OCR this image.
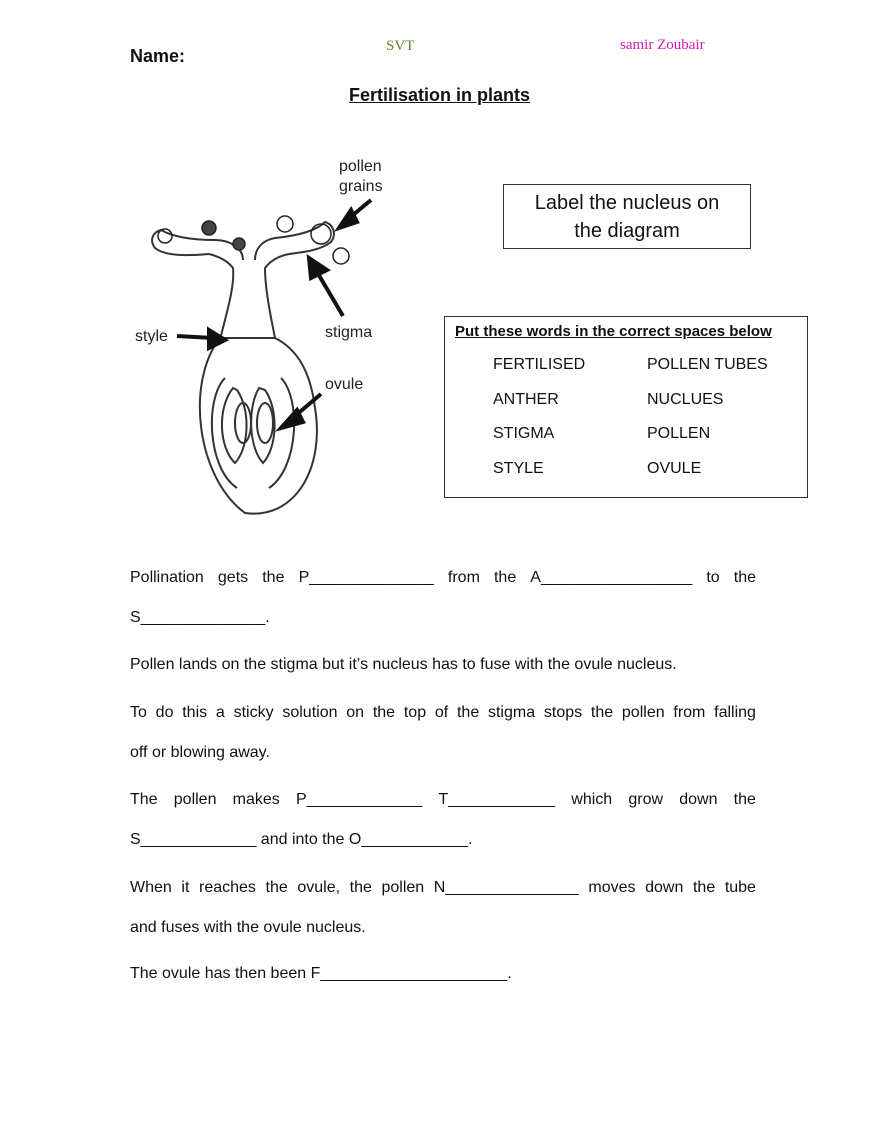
Name:	SVT	samir Zoubair
Fertilisation in plants
pollen
grains
style	stigma
ovule
Label the nucleus on
the diagram
Put these words in the correct spaces below
FERTILISED	POLLEN TUBES
ANTHER	NUCLUES
STIGMA	POLLEN
STYLE	OVULE
Pollination gets the P______________ from the A_________________ to the
S______________.
Pollen lands on the stigma but it’s nucleus has to fuse with the ovule nucleus.
To do this a sticky solution on the top of the stigma stops the pollen from falling
off or blowing away.
The pollen makes P_____________ T____________ which grow down the
S_____________ and into the O____________.
When it reaches the ovule, the pollen N_______________ moves down the tube
and fuses with the ovule nucleus.
The ovule has then been F_____________________.
